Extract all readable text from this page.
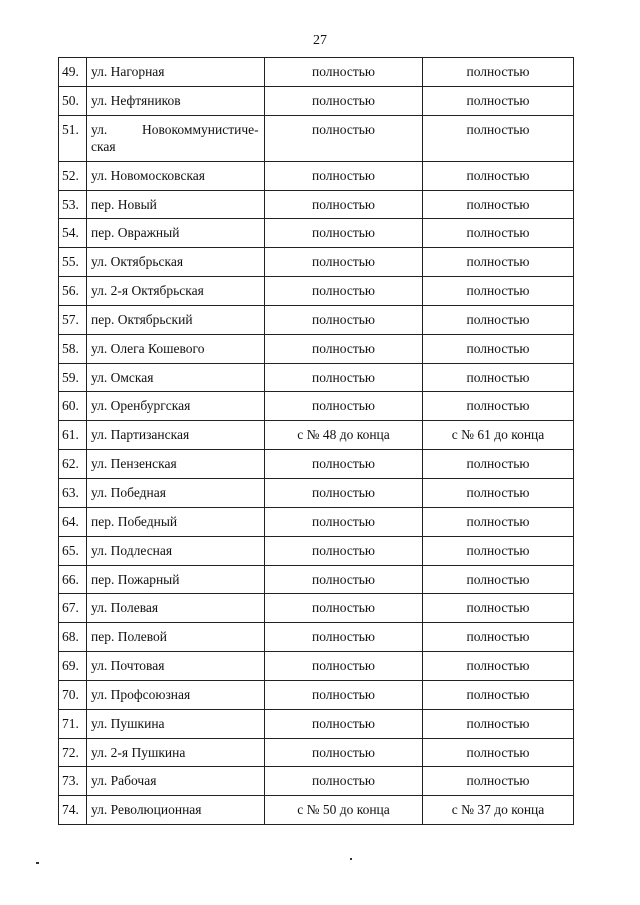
27
49.	ул. Нагорная	полностью	полностью
50.	ул. Нефтяников	полностью	полностью
51.	ул.  Новокоммунистиче-
ская	полностью	полностью
52.	ул. Новомосковская	полностью	полностью
53.	пер. Новый	полностью	полностью
54.	пер. Овражный	полностью	полностью
55.	ул. Октябрьская	полностью	полностью
56.	ул. 2-я Октябрьская	полностью	полностью
57.	пер. Октябрьский	полностью	полностью
58.	ул. Олега Кошевого	полностью	полностью
59.	ул. Омская	полностью	полностью
60.	ул. Оренбургская	полностью	полностью
61.	ул. Партизанская	с № 48 до конца	с № 61 до конца
62.	ул. Пензенская	полностью	полностью
63.	ул. Победная	полностью	полностью
64.	пер. Победный	полностью	полностью
65.	ул. Подлесная	полностью	полностью
66.	пер. Пожарный	полностью	полностью
67.	ул. Полевая	полностью	полностью
68.	пер. Полевой	полностью	полностью
69.	ул. Почтовая	полностью	полностью
70.	ул. Профсоюзная	полностью	полностью
71.	ул. Пушкина	полностью	полностью
72.	ул. 2-я Пушкина	полностью	полностью
73.	ул. Рабочая	полностью	полностью
74.	ул. Революционная	с № 50 до конца	с № 37 до конца
